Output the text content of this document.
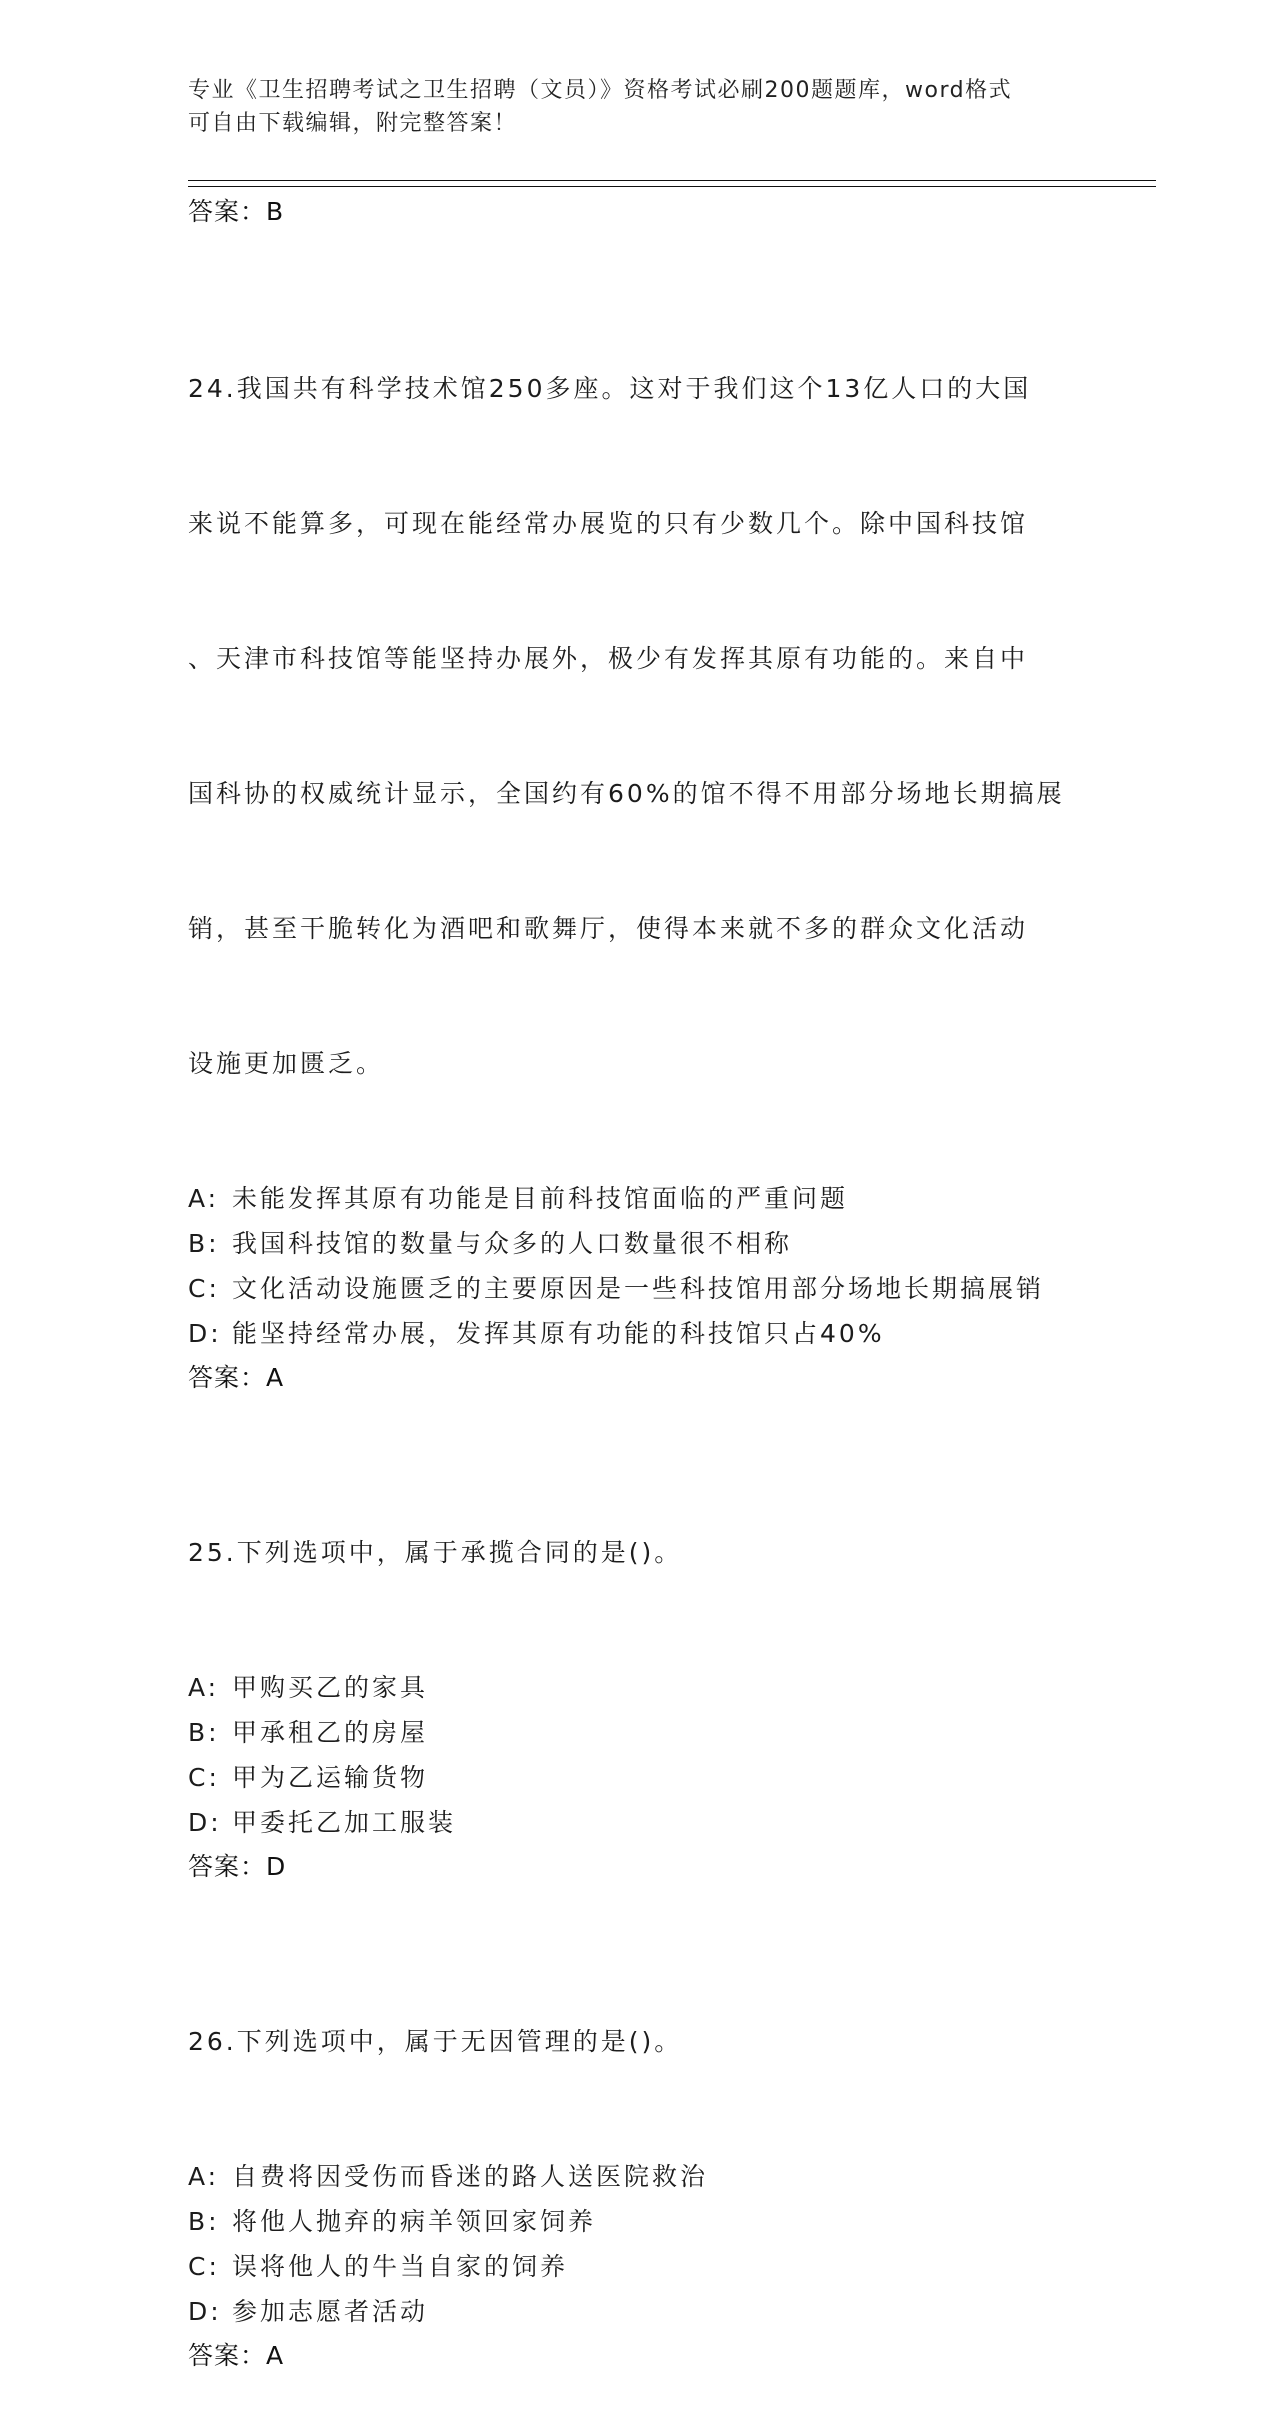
专业《卫生招聘考试之卫生招聘（文员）》资格考试必刷200题题库，word格式
可自由下载编辑，附完整答案！
答案：B

24.我国共有科学技术馆250多座。这对于我们这个13亿人口的大国

来说不能算多，可现在能经常办展览的只有少数几个。除中国科技馆

、天津市科技馆等能坚持办展外，极少有发挥其原有功能的。来自中

国科协的权威统计显示，全国约有60%的馆不得不用部分场地长期搞展

销，甚至干脆转化为酒吧和歌舞厅，使得本来就不多的群众文化活动

设施更加匮乏。

A: 未能发挥其原有功能是目前科技馆面临的严重问题
B: 我国科技馆的数量与众多的人口数量很不相称
C: 文化活动设施匮乏的主要原因是一些科技馆用部分场地长期搞展销
D: 能坚持经常办展，发挥其原有功能的科技馆只占40%
答案：A

25.下列选项中，属于承揽合同的是()。

A: 甲购买乙的家具
B: 甲承租乙的房屋
C: 甲为乙运输货物
D: 甲委托乙加工服装
答案：D

26.下列选项中，属于无因管理的是()。

A: 自费将因受伤而昏迷的路人送医院救治
B: 将他人抛弃的病羊领回家饲养
C: 误将他人的牛当自家的饲养
D: 参加志愿者活动
答案：A
